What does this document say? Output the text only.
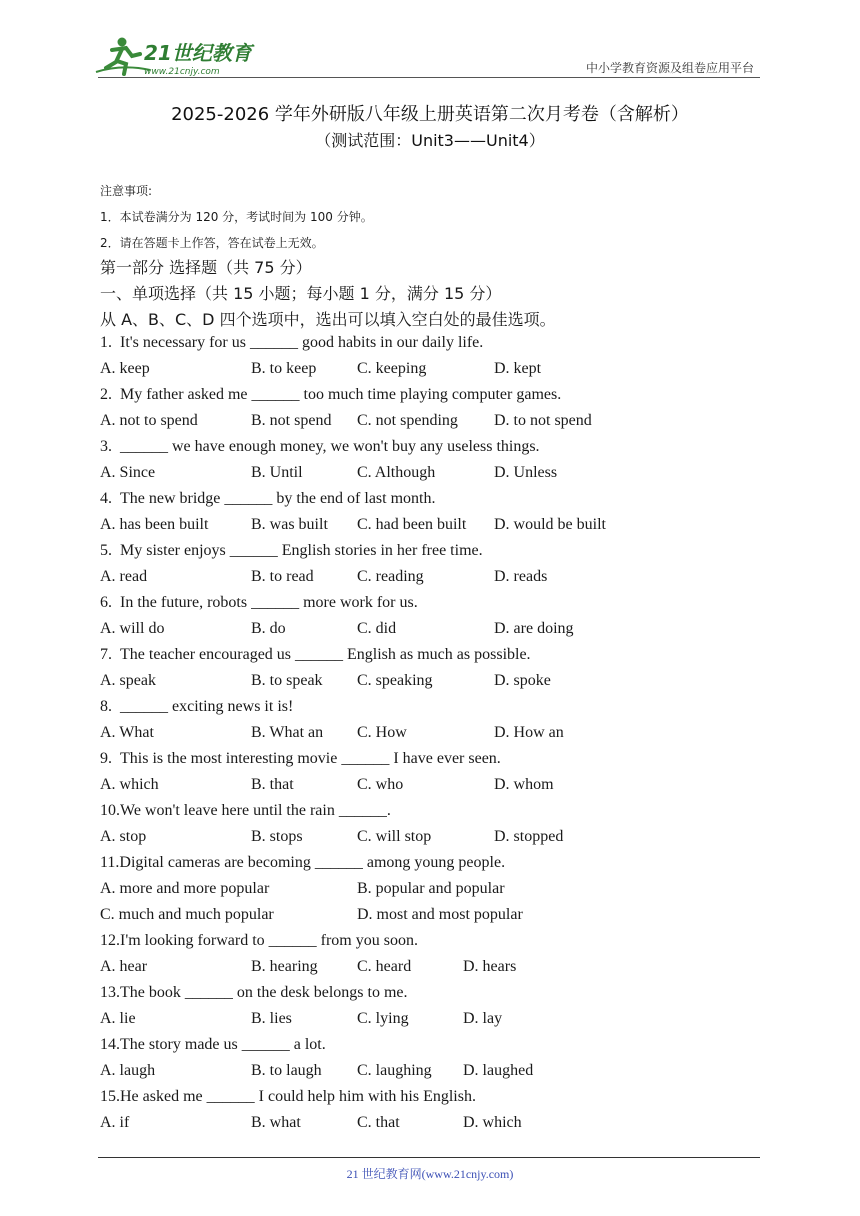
21世纪教育
www.21cnjy.com	中小学教育资源及组卷应用平台
2025-2026 学年外研版八年级上册英语第二次月考卷（含解析）
（测试范围：Unit3——Unit4）
注意事项:
1．本试卷满分为 120 分，考试时间为 100 分钟。
2．请在答题卡上作答，答在试卷上无效。
第一部分 选择题（共 75 分）
一、单项选择（共 15 小题；每小题 1 分，满分 15 分）
从 A、B、C、D 四个选项中，选出可以填入空白处的最佳选项。
1. It's necessary for us ______ good habits in our daily life.
A. keep	B. to keep	C. keeping	D. kept
2. My father asked me ______ too much time playing computer games.
A. not to spend	B. not spend C. not spending D. to not spend
3. ______ we have enough money, we won't buy any useless things.
A. Since	B. Until	C. Although	D. Unless
4. The new bridge ______ by the end of last month.
A. has been built	B. was built C. had been built D. would be built
5. My sister enjoys ______ English stories in her free time.
A. read	B. to read	C. reading	D. reads
6. In the future, robots ______ more work for us.
A. will do	B. do	C. did	D. are doing
7. The teacher encouraged us ______ English as much as possible.
A. speak	B. to speak C. speaking	D. spoke
8. ______ exciting news it is!
A. What	B. What an C. How	D. How an
9. This is the most interesting movie ______ I have ever seen.
A. which	B. that	C. who	D. whom
10.We won't leave here until the rain ______.
A. stop	B. stops	C. will stop	D. stopped
11.Digital cameras are becoming ______ among young people.
A. more and more popular	B. popular and popular
C. much and much popular	D. most and most popular
12.I'm looking forward to ______ from you soon.
A. hear	B. hearing C. heard	D. hears
13.The book ______ on the desk belongs to me.
A. lie	B. lies	C. lying	D. lay
14.The story made us ______ a lot.
A. laugh	B. to laugh C. laughing D. laughed
15.He asked me ______ I could help him with his English.
A. if	B. what	C. that	D. which
21 世纪教育网(www.21cnjy.com)
